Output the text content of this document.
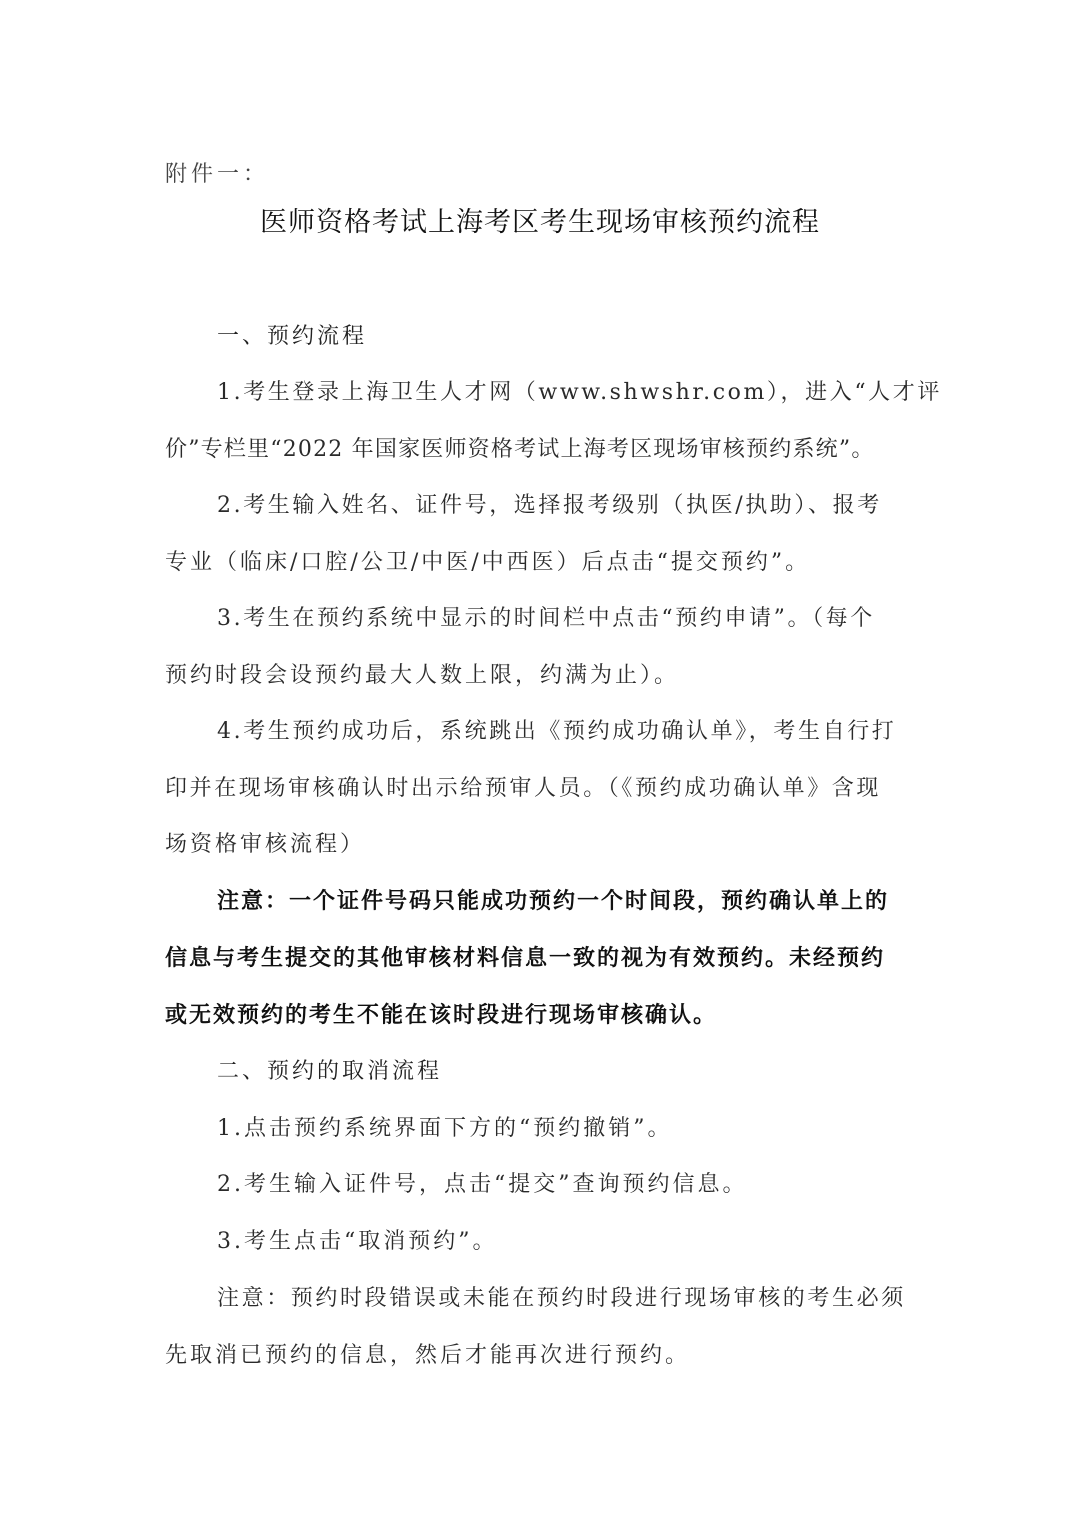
附件一：
医师资格考试上海考区考生现场审核预约流程
一、预约流程
1.考生登录上海卫生人才网（www.shwshr.com），进入“人才评
价”专栏里“2022 年国家医师资格考试上海考区现场审核预约系统”。
2.考生输入姓名、证件号，选择报考级别（执医/执助）、报考
专业（临床/口腔/公卫/中医/中西医）后点击“提交预约”。
3.考生在预约系统中显示的时间栏中点击“预约申请”。（每个
预约时段会设预约最大人数上限，约满为止）。
4.考生预约成功后，系统跳出《预约成功确认单》，考生自行打
印并在现场审核确认时出示给预审人员。（《预约成功确认单》含现
场资格审核流程）
注意：一个证件号码只能成功预约一个时间段，预约确认单上的
信息与考生提交的其他审核材料信息一致的视为有效预约。未经预约
或无效预约的考生不能在该时段进行现场审核确认。
二、预约的取消流程
1.点击预约系统界面下方的“预约撤销”。
2.考生输入证件号，点击“提交”查询预约信息。
3.考生点击“取消预约”。
注意：预约时段错误或未能在预约时段进行现场审核的考生必须
先取消已预约的信息，然后才能再次进行预约。
